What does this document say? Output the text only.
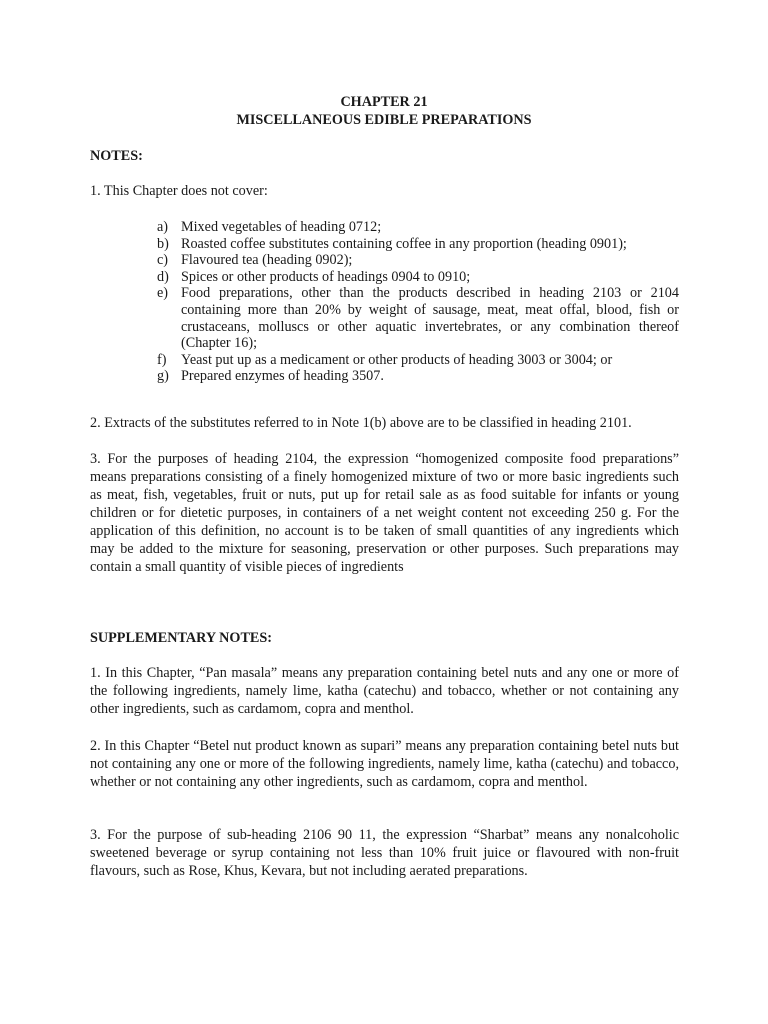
CHAPTER 21
MISCELLANEOUS EDIBLE PREPARATIONS
NOTES:
1. This Chapter does not cover:
a) Mixed vegetables of heading 0712;
b) Roasted coffee substitutes containing coffee in any proportion (heading 0901);
c) Flavoured tea (heading 0902);
d) Spices or other products of headings 0904 to 0910;
e) Food preparations, other than the products described in heading 2103 or 2104 containing more than 20% by weight of sausage, meat, meat offal, blood, fish or crustaceans, molluscs or other aquatic invertebrates, or any combination thereof (Chapter 16);
f) Yeast put up as a medicament or other products of heading 3003 or 3004; or
g) Prepared enzymes of heading 3507.
2. Extracts of the substitutes referred to in Note 1(b) above are to be classified in heading 2101.
3. For the purposes of heading 2104, the expression “homogenized composite food preparations” means preparations consisting of a finely homogenized mixture of two or more basic ingredients such as meat, fish, vegetables, fruit or nuts, put up for retail sale as as food suitable for infants or young children or for dietetic purposes, in containers of a net weight content not exceeding 250 g. For the application of this definition, no account is to be taken of small quantities of any ingredients which may be added to the mixture for seasoning, preservation or other purposes. Such preparations may contain a small quantity of visible pieces of ingredients
SUPPLEMENTARY NOTES:
1. In this Chapter, “Pan masala” means any preparation containing betel nuts and any one or more of the following ingredients, namely lime, katha (catechu) and tobacco, whether or not containing any other ingredients, such as cardamom, copra and menthol.
2. In this Chapter “Betel nut product known as supari” means any preparation containing betel nuts but not containing any one or more of the following ingredients, namely lime, katha (catechu) and tobacco, whether or not containing any other ingredients, such as cardamom, copra and menthol.
3. For the purpose of sub-heading 2106 90 11, the expression “Sharbat” means any nonalcoholic sweetened beverage or syrup containing not less than 10% fruit juice or flavoured with non-fruit flavours, such as Rose, Khus, Kevara, but not including aerated preparations.
